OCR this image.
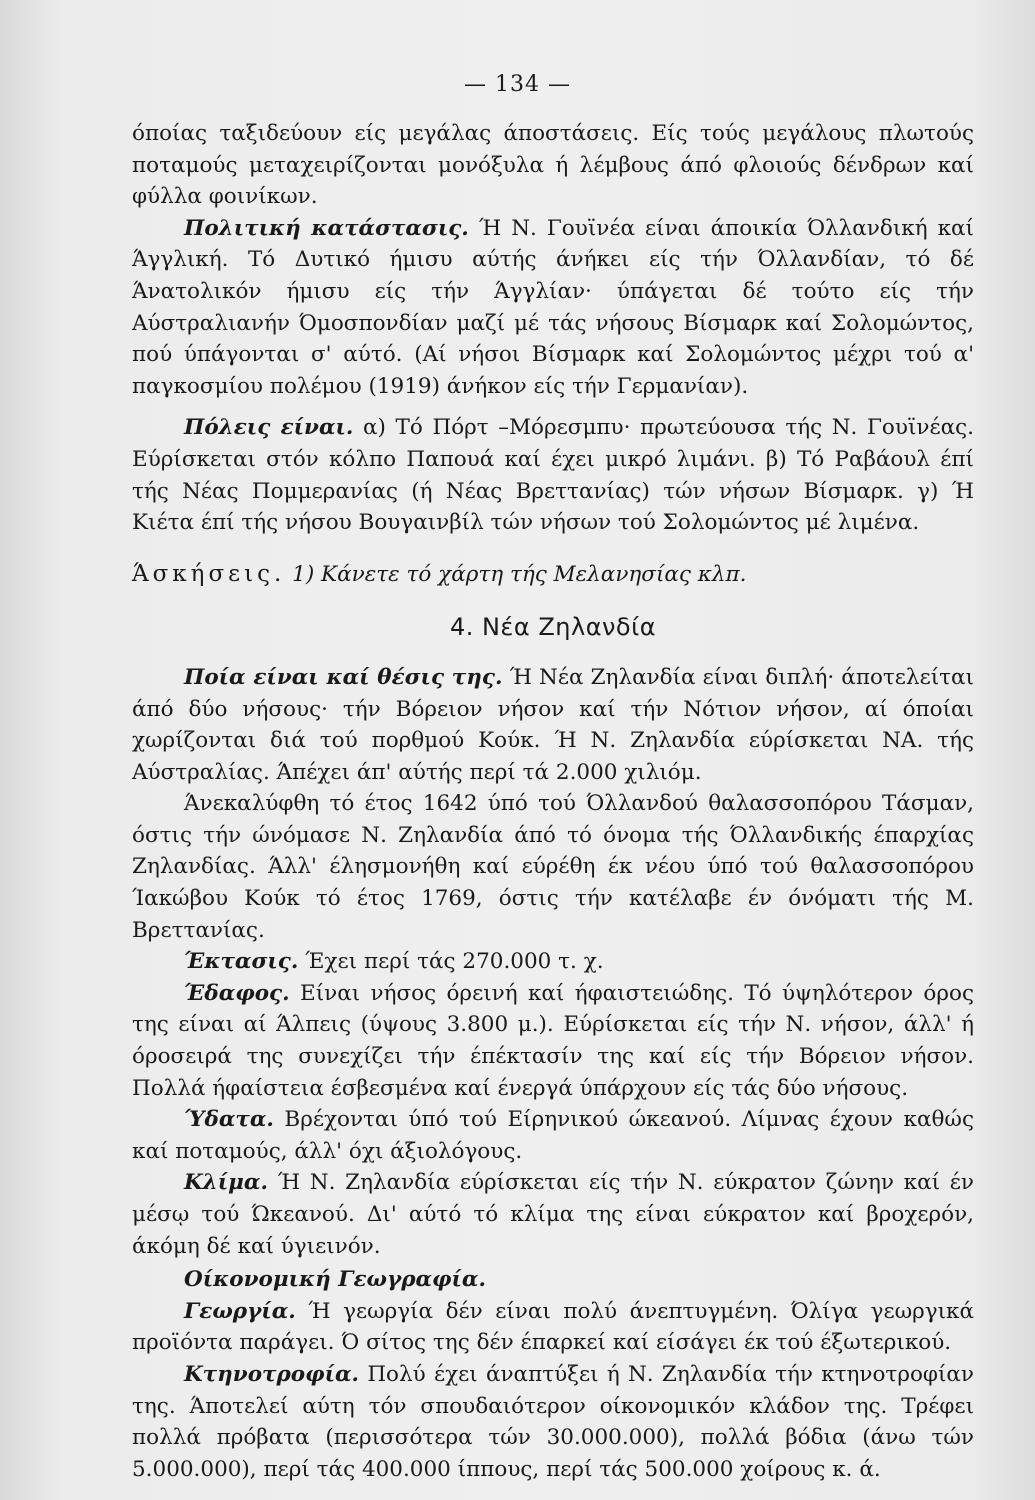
— 134 —

όποίας ταξιδεύουν είς μεγάλας άποστάσεις. Είς τούς μεγάλους πλωτούς ποταμούς μεταχειρίζονται μονόξυλα ή λέμβους άπό φλοιούς δένδρων καί φύλλα φοινίκων.

Πολιτική κατάστασις. Ή Ν. Γουϊνέα είναι άποικία Όλλανδική καί Άγγλική. Τό Δυτικό ήμισυ αύτής άνήκει είς τήν Όλλανδίαν, τό δέ Άνατολικόν ήμισυ είς τήν Άγγλίαν· ύπάγεται δέ τούτο είς τήν Αύστραλιανήν Όμοσπονδίαν μαζί μέ τάς νήσους Βίσμαρκ καί Σολομώντος, πού ύπάγονται σ' αύτό. (Αί νήσοι Βίσμαρκ καί Σολομώντος μέχρι τού α' παγκοσμίου πολέμου (1919) άνήκον είς τήν Γερμανίαν).

Πόλεις είναι. α) Τό Πόρτ –Μόρεσμπυ· πρωτεύουσα τής Ν. Γουϊνέας. Εύρίσκεται στόν κόλπο Παπουά καί έχει μικρό λιμάνι. β) Τό Ραβάουλ έπί τής Νέας Πομμερανίας (ή Νέας Βρεττανίας) τών νήσων Βίσμαρκ. γ) Ή Κιέτα έπί τής νήσου Βουγαινβίλ τών νήσων τού Σολομώντος μέ λιμένα.

Άσκήσεις. 1) Κάνετε τό χάρτη τής Μελανησίας κλπ.

4. Νέα Ζηλανδία

Ποία είναι καί θέσις της. Ή Νέα Ζηλανδία είναι διπλή· άποτελείται άπό δύο νήσους· τήν Βόρειον νήσον καί τήν Νότιον νήσον, αί όποίαι χωρίζονται διά τού πορθμού Κούκ. Ή Ν. Ζηλανδία εύρίσκεται ΝΑ. τής Αύστραλίας. Άπέχει άπ' αύτής περί τά 2.000 χιλιόμ.

Άνεκαλύφθη τό έτος 1642 ύπό τού Όλλανδού θαλασσοπόρου Τάσμαν, όστις τήν ώνόμασε Ν. Ζηλανδία άπό τό όνομα τής Όλλανδικής έπαρχίας Ζηλανδίας. Άλλ' έλησμονήθη καί εύρέθη έκ νέου ύπό τού θαλασσοπόρου Ίακώβου Κούκ τό έτος 1769, όστις τήν κατέλαβε έν όνόματι τής Μ. Βρεττανίας.

Έκτασις. Έχει περί τάς 270.000 τ. χ.

Έδαφος. Είναι νήσος όρεινή καί ήφαιστειώδης. Τό ύψηλότερον όρος της είναι αί Άλπεις (ύψους 3.800 μ.). Εύρίσκεται είς τήν Ν. νήσον, άλλ' ή όροσειρά της συνεχίζει τήν έπέκτασίν της καί είς τήν Βόρειον νήσον. Πολλά ήφαίστεια έσβεσμένα καί ένεργά ύπάρχουν είς τάς δύο νήσους.

Ύδατα. Βρέχονται ύπό τού Είρηνικού ώκεανού. Λίμνας έχουν καθώς καί ποταμούς, άλλ' όχι άξιολόγους.

Κλίμα. Ή Ν. Ζηλανδία εύρίσκεται είς τήν Ν. εύκρατον ζώνην καί έν μέσῳ τού Ώκεανού. Δι' αύτό τό κλίμα της είναι εύκρατον καί βροχερόν, άκόμη δέ καί ύγιεινόν.

Οίκονομική Γεωγραφία.

Γεωργία. Ή γεωργία δέν είναι πολύ άνεπτυγμένη. Όλίγα γεωργικά προϊόντα παράγει. Ό σίτος της δέν έπαρκεί καί είσάγει έκ τού έξωτερικού.

Κτηνοτροφία. Πολύ έχει άναπτύξει ή Ν. Ζηλανδία τήν κτηνοτροφίαν της. Άποτελεί αύτη τόν σπουδαιότερον οίκονομικόν κλάδον της. Τρέφει πολλά πρόβατα (περισσότερα τών 30.000.000), πολλά βόδια (άνω τών 5.000.000), περί τάς 400.000 ίππους, περί τάς 500.000 χοίρους κ. ά.
